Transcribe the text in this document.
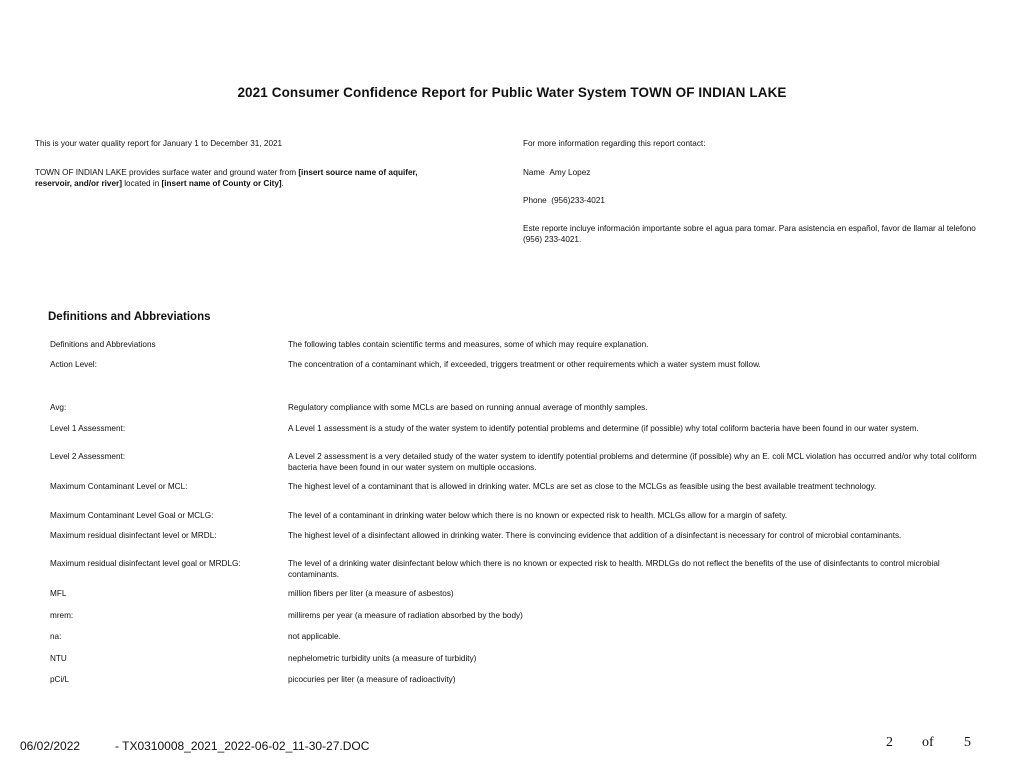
2021 Consumer Confidence Report for Public Water System TOWN OF INDIAN LAKE
This is your water quality report for January 1 to December 31, 2021
TOWN OF INDIAN LAKE provides surface water and ground water from [insert source name of aquifer, reservoir, and/or river] located in [insert name of County or City].
For more information regarding this report contact:
Name Amy Lopez
Phone (956)233-4021
Este reporte incluye información importante sobre el agua para tomar. Para asistencia en español, favor de llamar al telefono (956) 233-4021.
Definitions and Abbreviations
Definitions and Abbreviations	The following tables contain scientific terms and measures, some of which may require explanation.
Action Level:	The concentration of a contaminant which, if exceeded, triggers treatment or other requirements which a water system must follow.
Avg:	Regulatory compliance with some MCLs are based on running annual average of monthly samples.
Level 1 Assessment:	A Level 1 assessment is a study of the water system to identify potential problems and determine (if possible) why total coliform bacteria have been found in our water system.
Level 2 Assessment:	A Level 2 assessment is a very detailed study of the water system to identify potential problems and determine (if possible) why an E. coli MCL violation has occurred and/or why total coliform bacteria have been found in our water system on multiple occasions.
Maximum Contaminant Level or MCL:	The highest level of a contaminant that is allowed in drinking water. MCLs are set as close to the MCLGs as feasible using the best available treatment technology.
Maximum Contaminant Level Goal or MCLG:	The level of a contaminant in drinking water below which there is no known or expected risk to health. MCLGs allow for a margin of safety.
Maximum residual disinfectant level or MRDL:	The highest level of a disinfectant allowed in drinking water. There is convincing evidence that addition of a disinfectant is necessary for control of microbial contaminants.
Maximum residual disinfectant level goal or MRDLG:	The level of a drinking water disinfectant below which there is no known or expected risk to health. MRDLGs do not reflect the benefits of the use of disinfectants to control microbial contaminants.
MFL	million fibers per liter (a measure of asbestos)
mrem:	millirems per year (a measure of radiation absorbed by the body)
na:	not applicable.
NTU	nephelometric turbidity units (a measure of turbidity)
pCi/L	picocuries per liter (a measure of radioactivity)
06/02/2022	- TX0310008_2021_2022-06-02_11-30-27.DOC	2 of 5
